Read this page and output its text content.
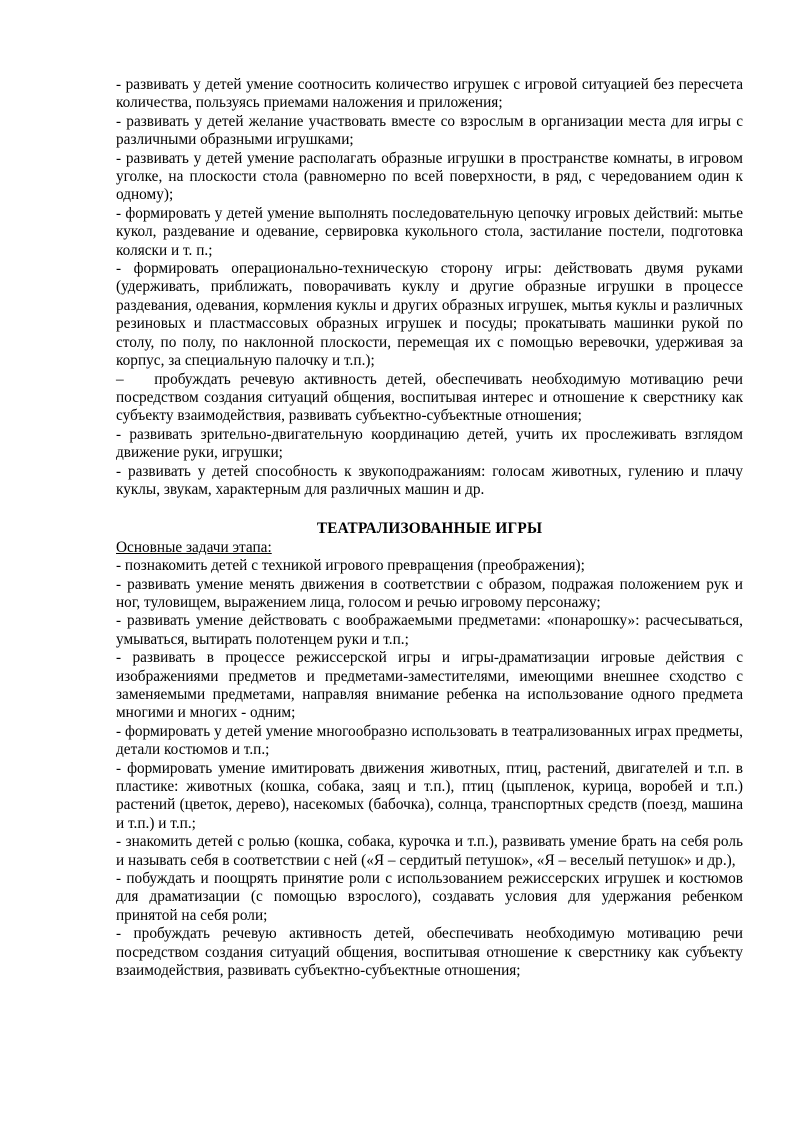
- развивать у детей умение соотносить количество игрушек с игровой ситуацией без пересчета количества, пользуясь приемами наложения и приложения;

- развивать у детей желание участвовать вместе со взрослым в организации места для игры с различными образными игрушками;

- развивать у детей умение располагать образные игрушки в пространстве комнаты, в игровом уголке, на плоскости стола (равномерно по всей поверхности, в ряд, с чередованием один к одному);

- формировать у детей умение выполнять последовательную цепочку игровых действий: мытье кукол, раздевание и одевание, сервировка кукольного стола, застилание постели, подготовка коляски и т. п.;

- формировать операционально-техническую сторону игры: действовать двумя руками (удерживать, приближать, поворачивать куклу и другие образные игрушки в процессе раздевания, одевания, кормления куклы и других образных игрушек, мытья куклы и различных резиновых и пластмассовых образных игрушек и посуды; прокатывать машинки рукой по столу, по полу, по наклонной плоскости, перемещая их с помощью веревочки, удерживая за корпус, за специальную палочку и т.п.);

–  пробуждать речевую активность детей, обеспечивать необходимую мотивацию речи посредством создания ситуаций общения, воспитывая интерес и отношение к сверстнику как субъекту взаимодействия, развивать субъектно-субъектные отношения;

- развивать зрительно-двигательную координацию детей, учить их прослеживать взглядом движение руки, игрушки;

- развивать у детей способность к звукоподражаниям: голосам животных, гулению и плачу куклы, звукам, характерным для различных машин и др.

ТЕАТРАЛИЗОВАННЫЕ ИГРЫ

Основные задачи этапа:

- познакомить детей с техникой игрового превращения (преображения);

- развивать умение менять движения в соответствии с образом, подражая положением рук и ног, туловищем, выражением лица, голосом и речью игровому персонажу;

- развивать умение действовать с воображаемыми предметами: «понарошку»: расчесываться, умываться, вытирать полотенцем руки и т.п.;

- развивать в процессе режиссерской игры и игры-драматизации игровые действия с изображениями предметов и предметами-заместителями, имеющими внешнее сходство с заменяемыми предметами, направляя внимание ребенка на использование одного предмета многими и многих - одним;

- формировать у детей умение многообразно использовать в театрализованных играх предметы, детали костюмов и т.п.;

- формировать умение имитировать движения животных, птиц, растений, двигателей и т.п. в пластике: животных (кошка, собака, заяц и т.п.), птиц (цыпленок, курица, воробей и т.п.) растений (цветок, дерево), насекомых (бабочка), солнца, транспортных средств (поезд, машина и т.п.) и т.п.;

- знакомить детей с ролью (кошка, собака, курочка и т.п.), развивать умение брать на себя роль и называть себя в соответствии с ней («Я – сердитый петушок», «Я – веселый петушок» и др.),

- побуждать и поощрять принятие роли с использованием режиссерских игрушек и костюмов для драматизации (с помощью взрослого), создавать условия для удержания ребенком принятой на себя роли;

- пробуждать речевую активность детей, обеспечивать необходимую мотивацию речи посредством создания ситуаций общения, воспитывая отношение к сверстнику как субъекту взаимодействия, развивать субъектно-субъектные отношения;
